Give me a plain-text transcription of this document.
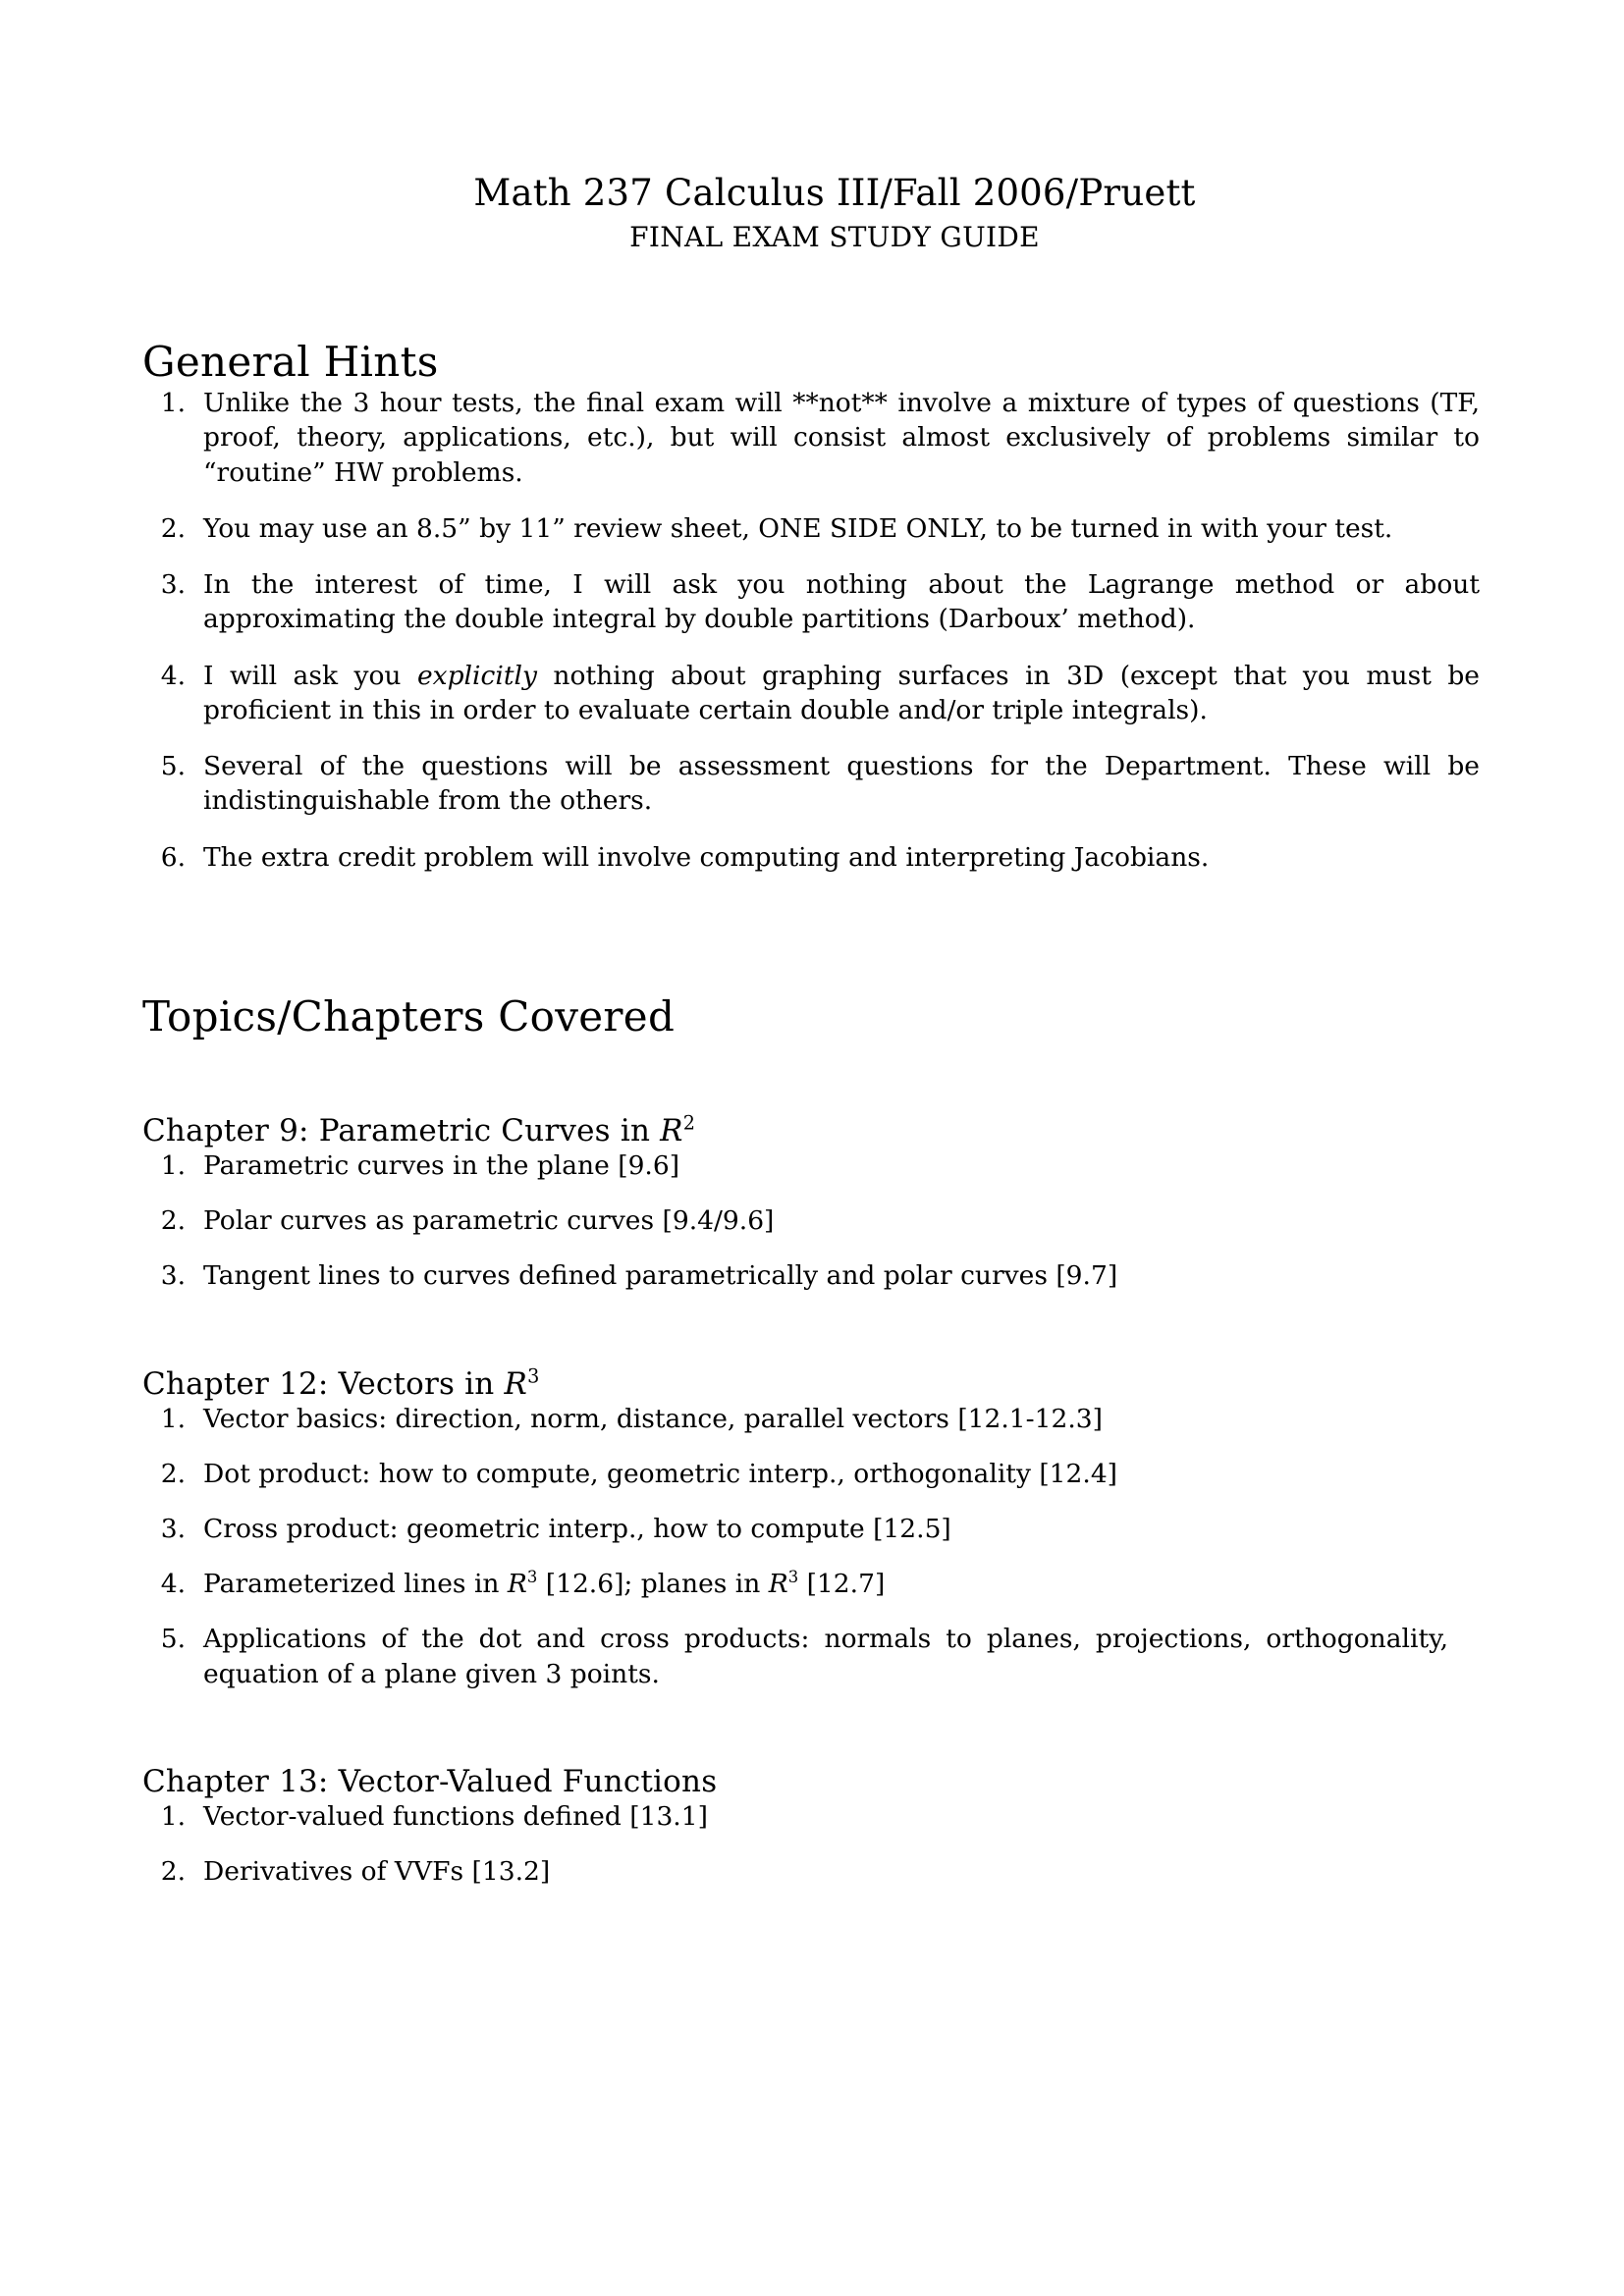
Math 237 Calculus III/Fall 2006/Pruett
FINAL EXAM STUDY GUIDE
General Hints
1. Unlike the 3 hour tests, the final exam will **not** involve a mixture of types of questions (TF, proof, theory, applications, etc.), but will consist almost exclusively of problems similar to “routine” HW problems.
2. You may use an 8.5” by 11” review sheet, ONE SIDE ONLY, to be turned in with your test.
3. In the interest of time, I will ask you nothing about the Lagrange method or about approximating the double integral by double partitions (Darboux’ method).
4. I will ask you explicitly nothing about graphing surfaces in 3D (except that you must be proficient in this in order to evaluate certain double and/or triple integrals).
5. Several of the questions will be assessment questions for the Department. These will be indistinguishable from the others.
6. The extra credit problem will involve computing and interpreting Jacobians.
Topics/Chapters Covered
Chapter 9: Parametric Curves in $R^2$
1. Parametric curves in the plane [9.6]
2. Polar curves as parametric curves [9.4/9.6]
3. Tangent lines to curves defined parametrically and polar curves [9.7]
Chapter 12: Vectors in $R^3$
1. Vector basics: direction, norm, distance, parallel vectors [12.1-12.3]
2. Dot product: how to compute, geometric interp., orthogonality [12.4]
3. Cross product: geometric interp., how to compute [12.5]
4. Parameterized lines in $R^3$ [12.6]; planes in $R^3$ [12.7]
5. Applications of the dot and cross products: normals to planes, projections, orthogonality, equation of a plane given 3 points.
Chapter 13: Vector-Valued Functions
1. Vector-valued functions defined [13.1]
2. Derivatives of VVFs [13.2]
